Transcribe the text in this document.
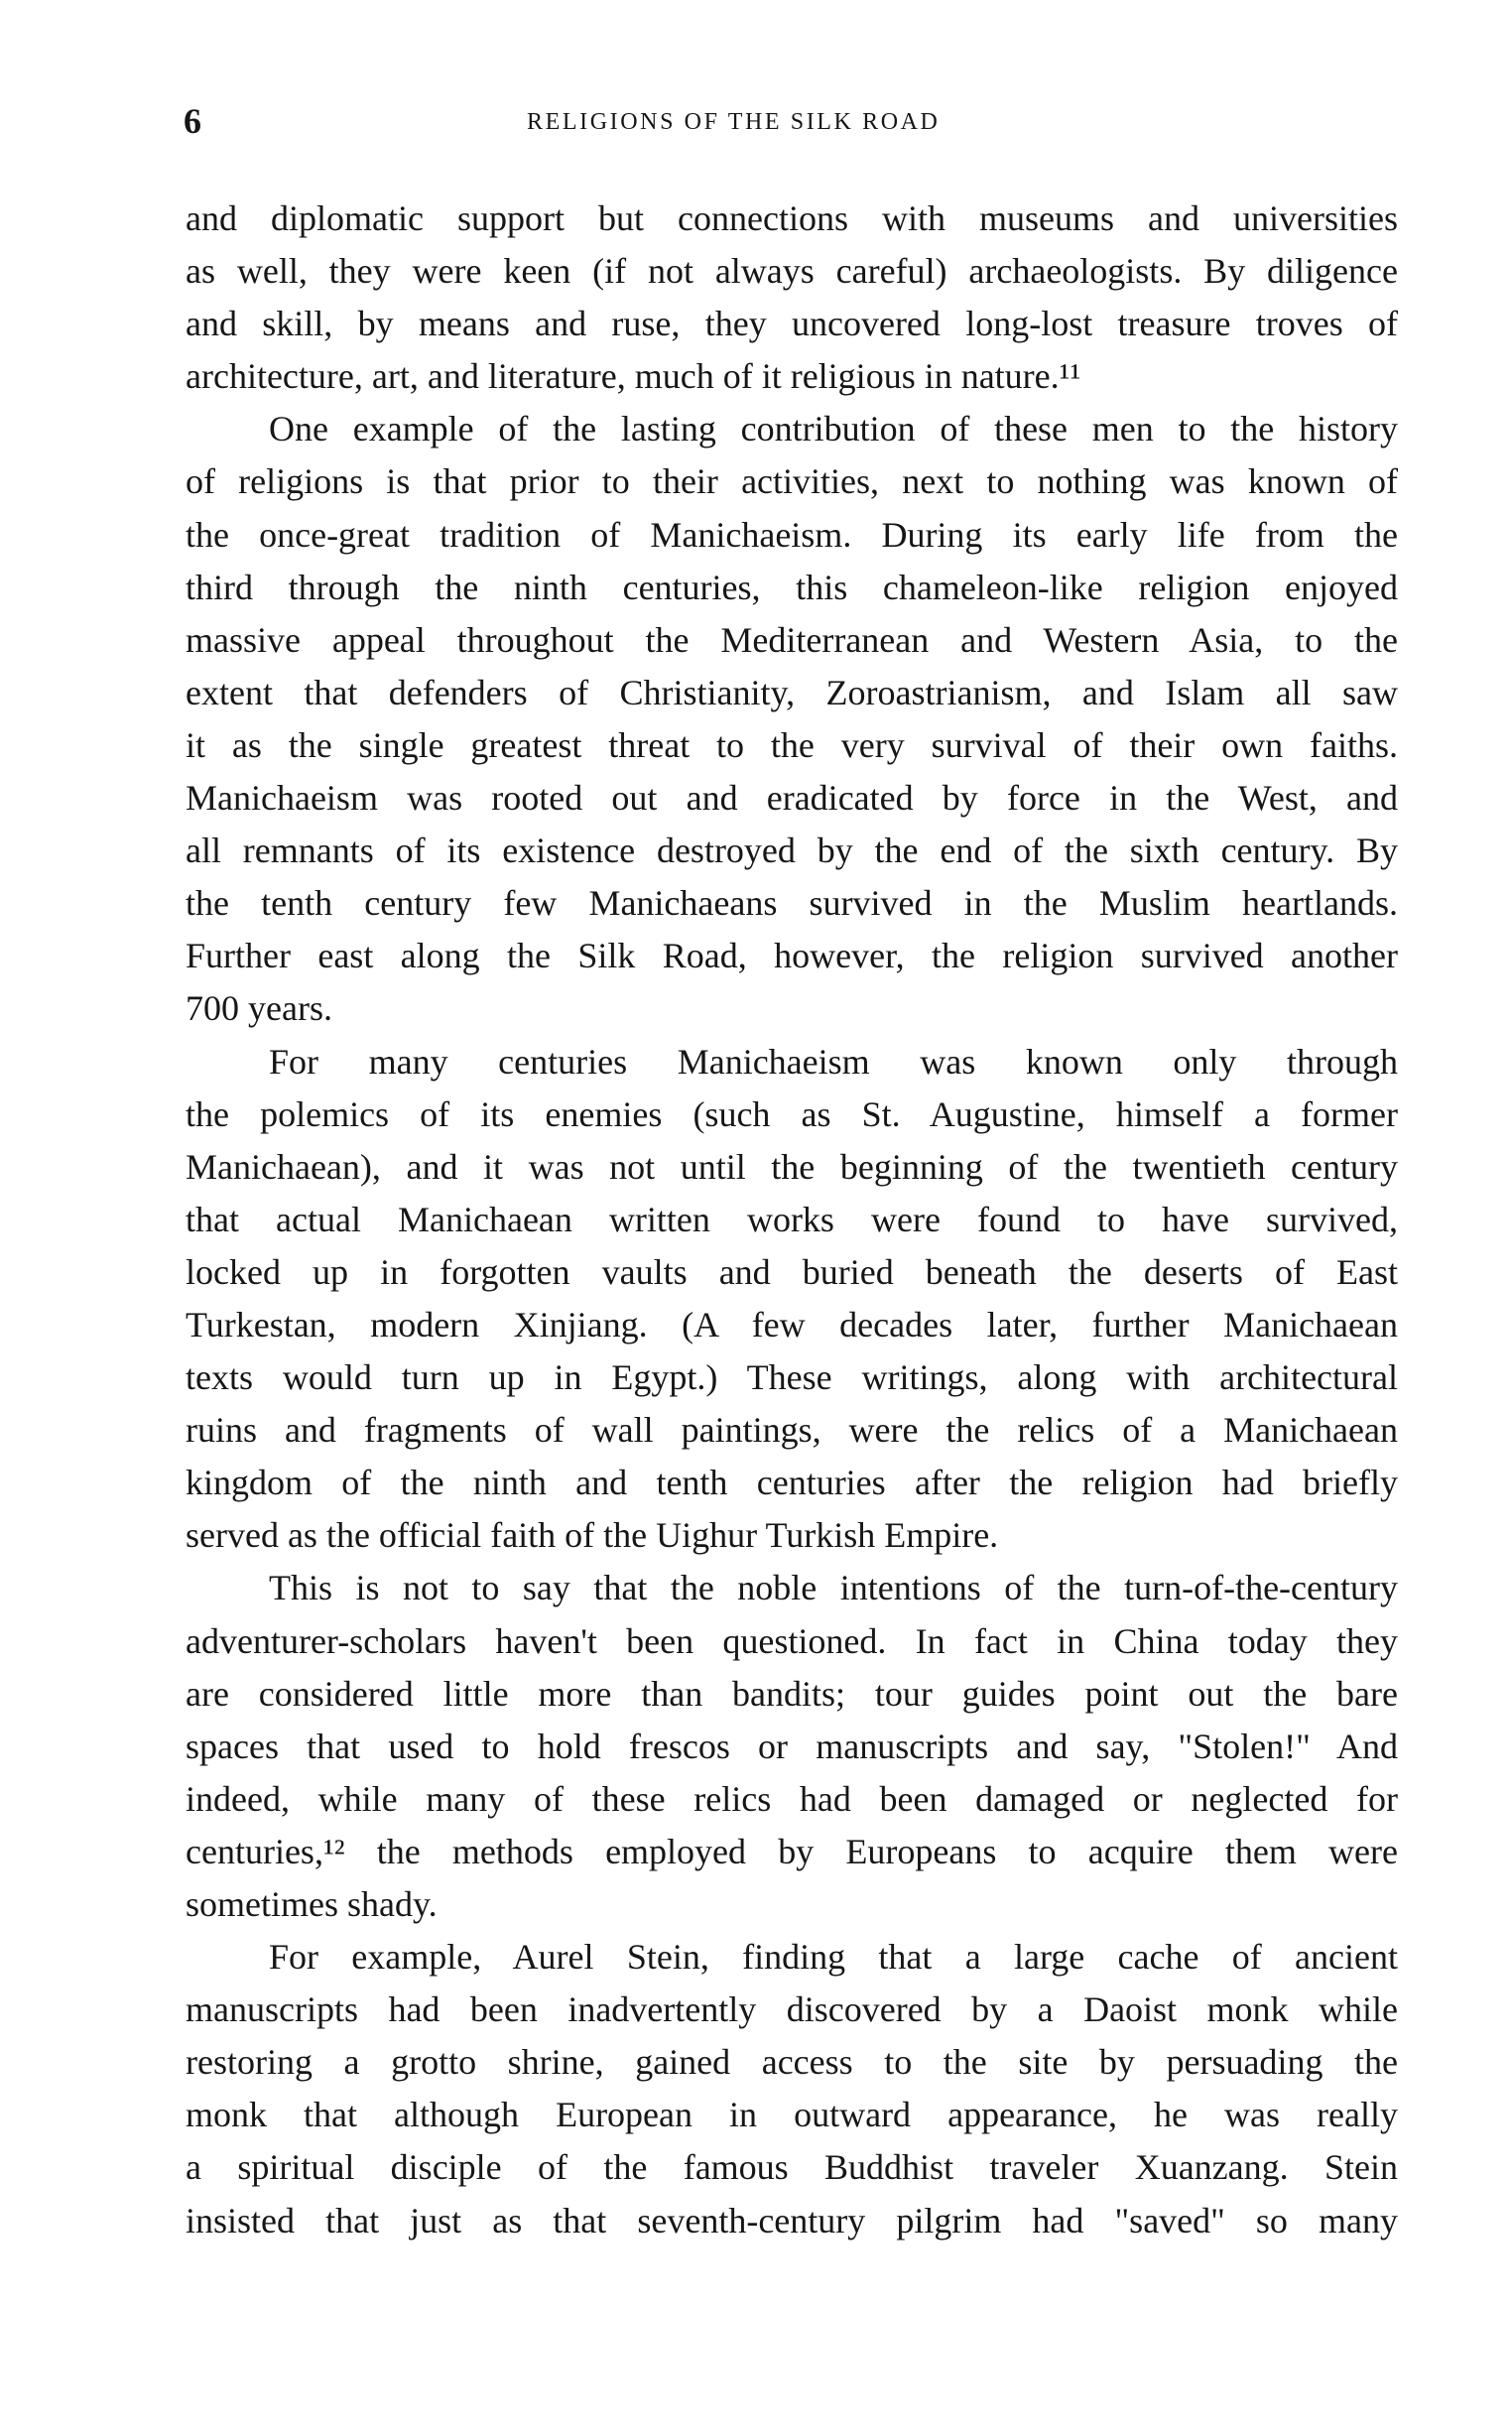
6	RELIGIONS OF THE SILK ROAD
and diplomatic support but connections with museums and universities
as well, they were keen (if not always careful) archaeologists. By diligence
and skill, by means and ruse, they uncovered long-lost treasure troves of
architecture, art, and literature, much of it religious in nature.¹¹
One example of the lasting contribution of these men to the history
of religions is that prior to their activities, next to nothing was known of
the once-great tradition of Manichaeism. During its early life from the
third through the ninth centuries, this chameleon-like religion enjoyed
massive appeal throughout the Mediterranean and Western Asia, to the
extent that defenders of Christianity, Zoroastrianism, and Islam all saw
it as the single greatest threat to the very survival of their own faiths.
Manichaeism was rooted out and eradicated by force in the West, and
all remnants of its existence destroyed by the end of the sixth century. By
the tenth century few Manichaeans survived in the Muslim heartlands.
Further east along the Silk Road, however, the religion survived another
700 years.
For many centuries Manichaeism was known only through
the polemics of its enemies (such as St. Augustine, himself a former
Manichaean), and it was not until the beginning of the twentieth century
that actual Manichaean written works were found to have survived,
locked up in forgotten vaults and buried beneath the deserts of East
Turkestan, modern Xinjiang. (A few decades later, further Manichaean
texts would turn up in Egypt.) These writings, along with architectural
ruins and fragments of wall paintings, were the relics of a Manichaean
kingdom of the ninth and tenth centuries after the religion had briefly
served as the official faith of the Uighur Turkish Empire.
This is not to say that the noble intentions of the turn-of-the-century
adventurer-scholars haven't been questioned. In fact in China today they
are considered little more than bandits; tour guides point out the bare
spaces that used to hold frescos or manuscripts and say, "Stolen!" And
indeed, while many of these relics had been damaged or neglected for
centuries,¹² the methods employed by Europeans to acquire them were
sometimes shady.
For example, Aurel Stein, finding that a large cache of ancient
manuscripts had been inadvertently discovered by a Daoist monk while
restoring a grotto shrine, gained access to the site by persuading the
monk that although European in outward appearance, he was really
a spiritual disciple of the famous Buddhist traveler Xuanzang. Stein
insisted that just as that seventh-century pilgrim had "saved" so many
